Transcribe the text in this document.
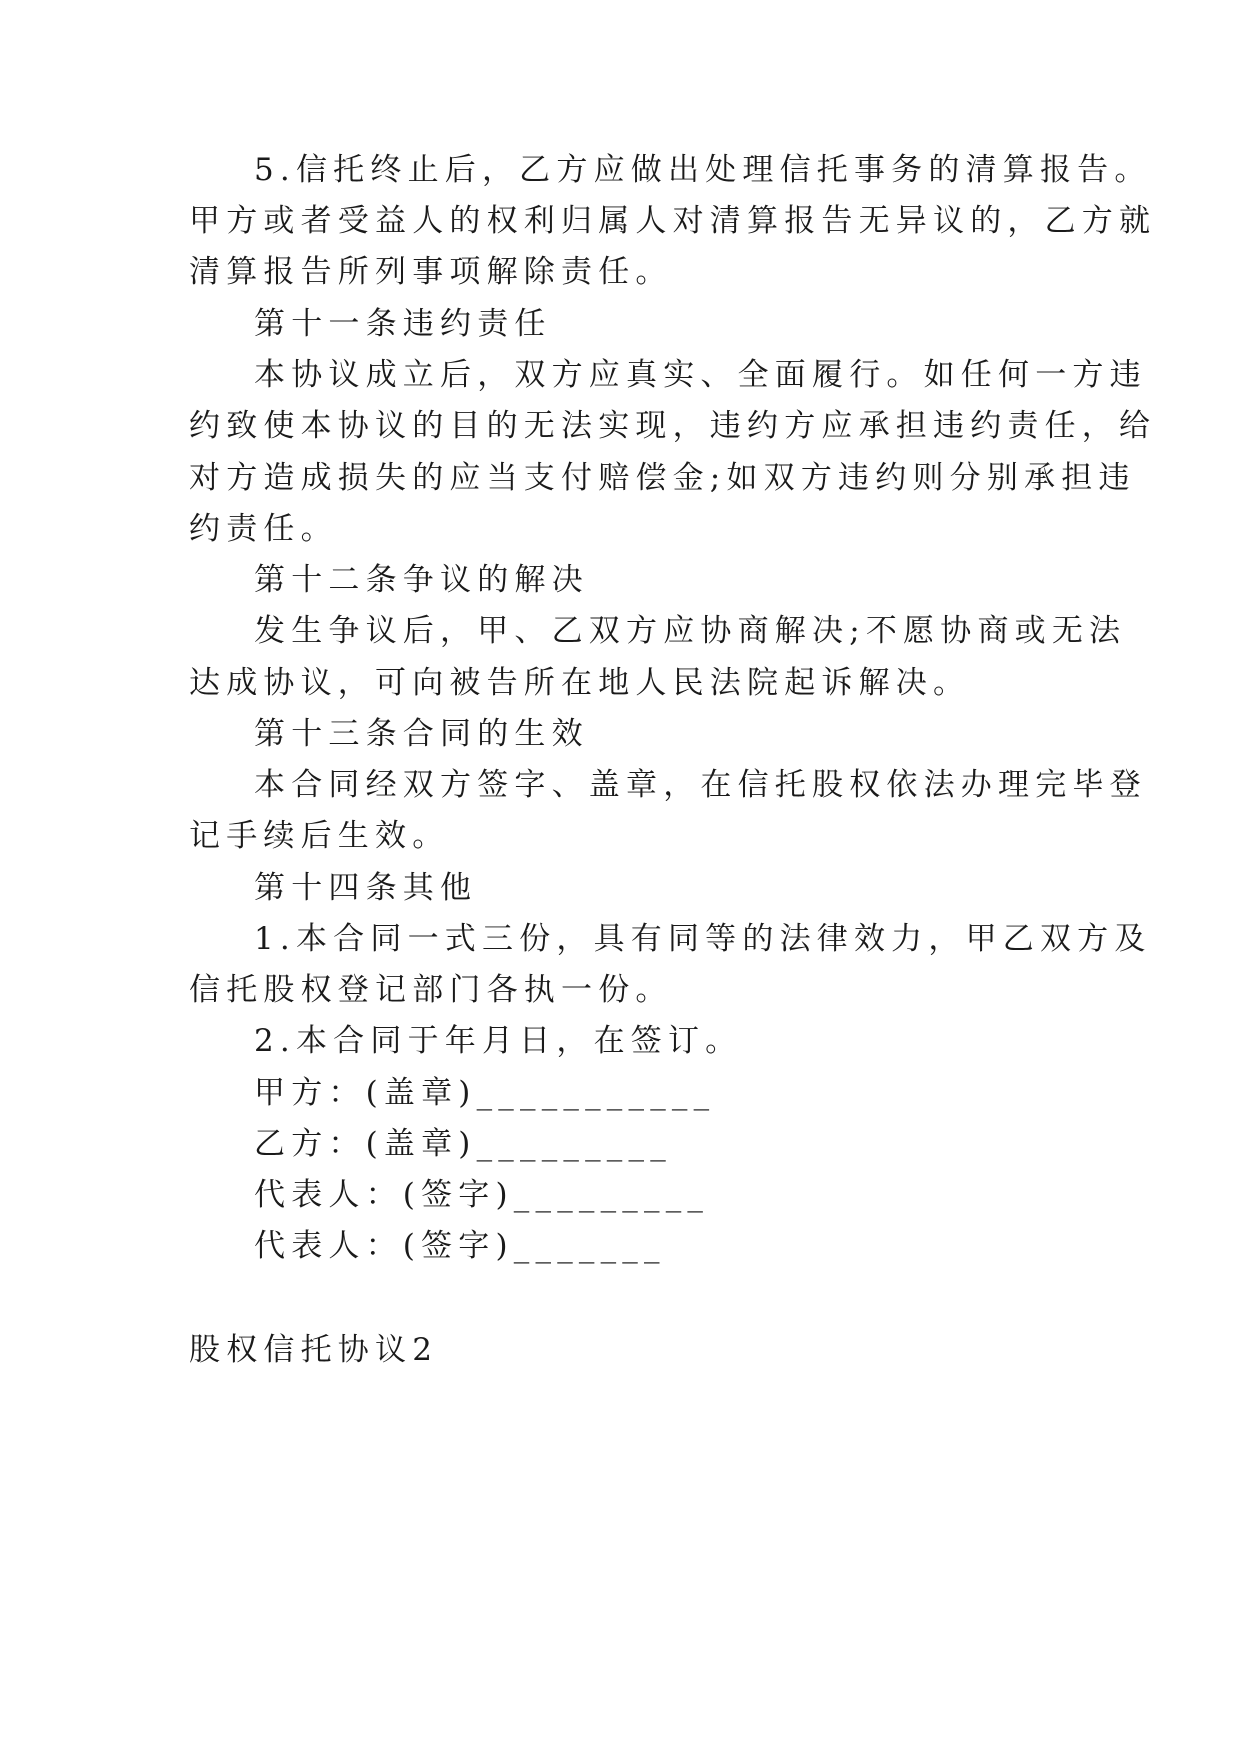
5.信托终止后，乙方应做出处理信托事务的清算报告。
甲方或者受益人的权利归属人对清算报告无异议的，乙方就
清算报告所列事项解除责任。
第十一条违约责任
本协议成立后，双方应真实、全面履行。如任何一方违
约致使本协议的目的无法实现，违约方应承担违约责任，给
对方造成损失的应当支付赔偿金;如双方违约则分别承担违
约责任。
第十二条争议的解决
发生争议后，甲、乙双方应协商解决;不愿协商或无法
达成协议，可向被告所在地人民法院起诉解决。
第十三条合同的生效
本合同经双方签字、盖章，在信托股权依法办理完毕登
记手续后生效。
第十四条其他
1.本合同一式三份，具有同等的法律效力，甲乙双方及
信托股权登记部门各执一份。
2.本合同于年月日，在签订。
甲方：(盖章)___________
乙方：(盖章)_________
代表人：(签字)_________
代表人：(签字)_______
股权信托协议2
